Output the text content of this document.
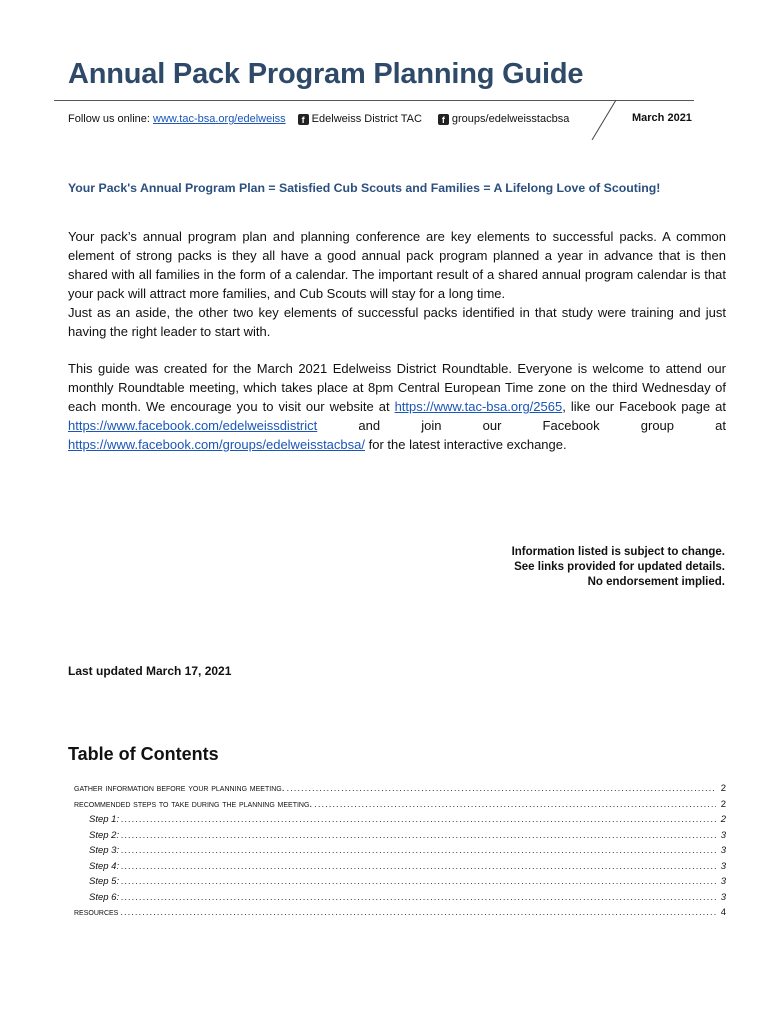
Annual Pack Program Planning Guide
Follow us online: www.tac-bsa.org/edelweiss	f Edelweiss District TAC	f groups/edelweisstacbsa	March 2021
Your Pack's Annual Program Plan = Satisfied Cub Scouts and Families = A Lifelong Love of Scouting!

Your pack’s annual program plan and planning conference are key elements to successful packs. A common element of strong packs is they all have a good annual pack program planned a year in advance that is then shared with all families in the form of a calendar. The important result of a shared annual program calendar is that your pack will attract more families, and Cub Scouts will stay for a long time.
Just as an aside, the other two key elements of successful packs identified in that study were training and just having the right leader to start with.

This guide was created for the March 2021 Edelweiss District Roundtable. Everyone is welcome to attend our monthly Roundtable meeting, which takes place at 8pm Central European Time zone on the third Wednesday of each month. We encourage you to visit our website at https://www.tac-bsa.org/2565, like our Facebook page at https://www.facebook.com/edelweissdistrict and join our Facebook group at https://www.facebook.com/groups/edelweisstacbsa/ for the latest interactive exchange.

Information listed is subject to change.
See links provided for updated details.
No endorsement implied.
Last updated March 17, 2021
Table of Contents
gather information before your planning meeting. .....	2
recommended steps to take during the planning meeting. .....	2
Step 1: .....	2
Step 2: .....	3
Step 3: .....	3
Step 4: .....	3
Step 5: .....	3
Step 6: .....	3
resources .....	4
